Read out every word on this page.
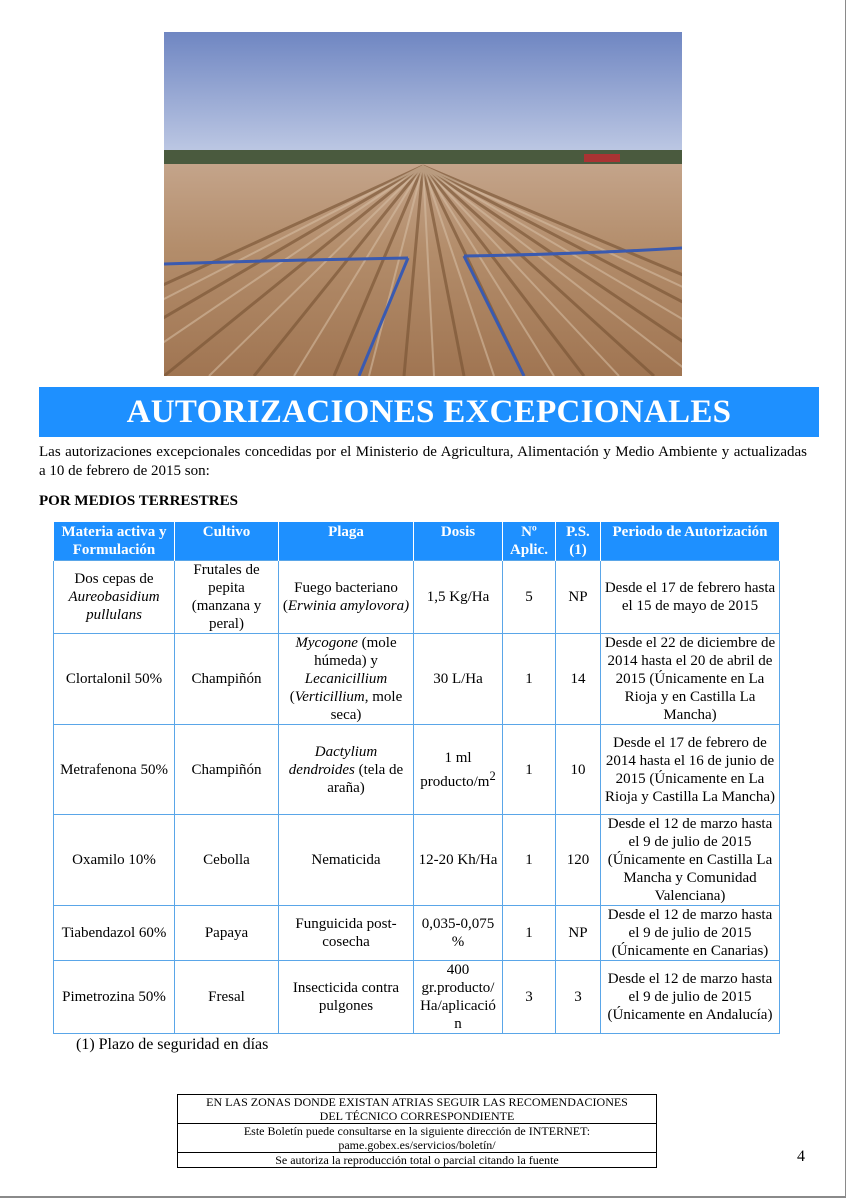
AUTORIZACIONES EXCEPCIONALES
Las autorizaciones excepcionales concedidas por el Ministerio de Agricultura, Alimentación y Medio Ambiente y actualizadas a 10 de febrero de 2015 son:
POR MEDIOS TERRESTRES
Materia activa y Formulación	Cultivo	Plaga	Dosis	Nº Aplic.	P.S. (1)	Periodo de Autorización
Dos cepas de Aureobasidium pullulans	Frutales de pepita (manzana y peral)	Fuego bacteriano (Erwinia amylovora)	1,5 Kg/Ha	5	NP	Desde el 17 de febrero hasta el 15 de mayo de 2015
Clortalonil 50%	Champiñón	Mycogone (mole húmeda) y Lecanicillium (Verticillium, mole seca)	30 L/Ha	1	14	Desde el 22 de diciembre de 2014 hasta el 20 de abril de 2015 (Únicamente en La Rioja y en Castilla La Mancha)
Metrafenona 50%	Champiñón	Dactylium dendroides (tela de araña)	1 ml producto/$m^2$	1	10	Desde el 17 de febrero de 2014 hasta el 16 de junio de 2015 (Únicamente en La Rioja y Castilla La Mancha)
Oxamilo 10%	Cebolla	Nematicida	12-20 Kh/Ha	1	120	Desde el 12 de marzo hasta el 9 de julio de 2015 (Únicamente en Castilla La Mancha y Comunidad Valenciana)
Tiabendazol 60%	Papaya	Funguicida post-cosecha	0,035-0,075 %	1	NP	Desde el 12 de marzo hasta el 9 de julio de 2015 (Únicamente en Canarias)
Pimetrozina 50%	Fresal	Insecticida contra pulgones	400 gr.producto/ Ha/aplicació n	3	3	Desde el 12 de marzo hasta el 9 de julio de 2015 (Únicamente en Andalucía)
(1) Plazo de seguridad en días
EN LAS ZONAS DONDE EXISTAN ATRIAS SEGUIR LAS RECOMENDACIONES
DEL TÉCNICO CORRESPONDIENTE
Este Boletín puede consultarse en la siguiente dirección de INTERNET:
pame.gobex.es/servicios/boletín/
Se autoriza la reproducción total o parcial citando la fuente	4
